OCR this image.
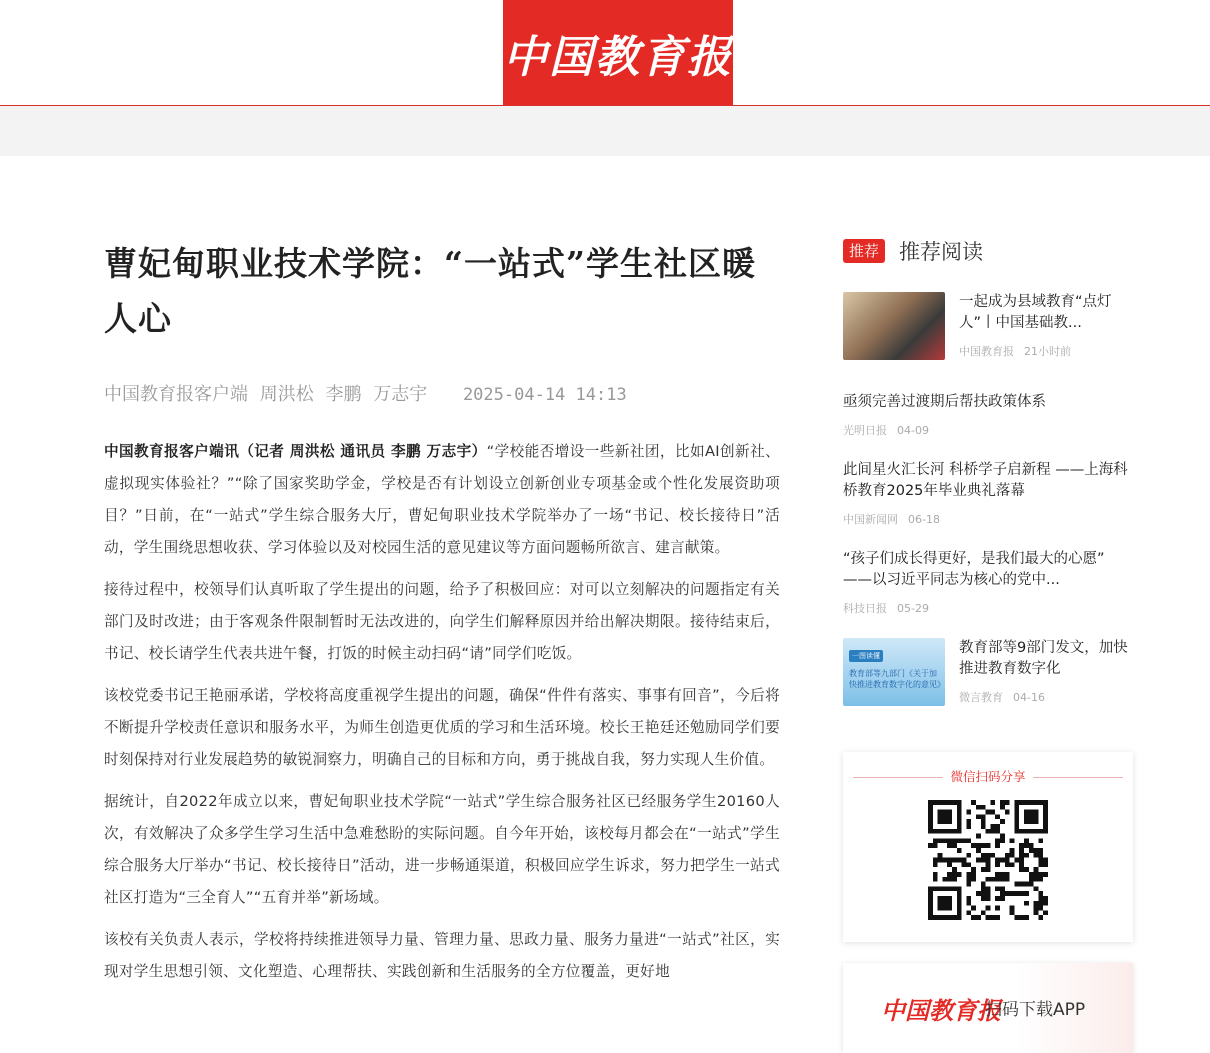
中国教育报
曹妃甸职业技术学院：“一站式”学生社区暖人心
中国教育报客户端 周洪松 李鹏 万志宇 2025-04-14 14:13

中国教育报客户端讯（记者 周洪松 通讯员 李鹏 万志宇）“学校能否增设一些新社团，比如AI创新社、虚拟现实体验社？”“除了国家奖助学金，学校是否有计划设立创新创业专项基金或个性化发展资助项目？”日前，在“一站式”学生综合服务大厅，曹妃甸职业技术学院举办了一场“书记、校长接待日”活动，学生围绕思想收获、学习体验以及对校园生活的意见建议等方面问题畅所欲言、建言献策。

接待过程中，校领导们认真听取了学生提出的问题，给予了积极回应：对可以立刻解决的问题指定有关部门及时改进；由于客观条件限制暂时无法改进的，向学生们解释原因并给出解决期限。接待结束后，书记、校长请学生代表共进午餐，打饭的时候主动扫码“请”同学们吃饭。

该校党委书记王艳丽承诺，学校将高度重视学生提出的问题，确保“件件有落实、事事有回音”，今后将不断提升学校责任意识和服务水平，为师生创造更优质的学习和生活环境。校长王艳廷还勉励同学们要时刻保持对行业发展趋势的敏锐洞察力，明确自己的目标和方向，勇于挑战自我，努力实现人生价值。

据统计，自2022年成立以来，曹妃甸职业技术学院“一站式”学生综合服务社区已经服务学生20160人次，有效解决了众多学生学习生活中急难愁盼的实际问题。自今年开始，该校每月都会在“一站式”学生综合服务大厅举办“书记、校长接待日”活动，进一步畅通渠道，积极回应学生诉求，努力把学生一站式社区打造为“三全育人”“五育并举”新场域。

该校有关负责人表示，学校将持续推进领导力量、管理力量、思政力量、服务力量进“一站式”社区，实现对学生思想引领、文化塑造、心理帮扶、实践创新和生活服务的全方位覆盖，更好地

推荐 推荐阅读
一起成为县域教育“点灯人”丨中国基础教...
中国教育报 21小时前
亟须完善过渡期后帮扶政策体系
光明日报 04-09
此间星火汇长河 科桥学子启新程 ——上海科桥教育2025年毕业典礼落幕
中国新闻网 06-18
“孩子们成长得更好，是我们最大的心愿” ——以习近平同志为核心的党中...
科技日报 05-29
一图读懂
教育部等九部门《关于加快推进教育数字化的意见》
教育部等9部门发文，加快推进教育数字化
微言教育 04-16
微信扫码分享
中国教育报
扫码下载APP
